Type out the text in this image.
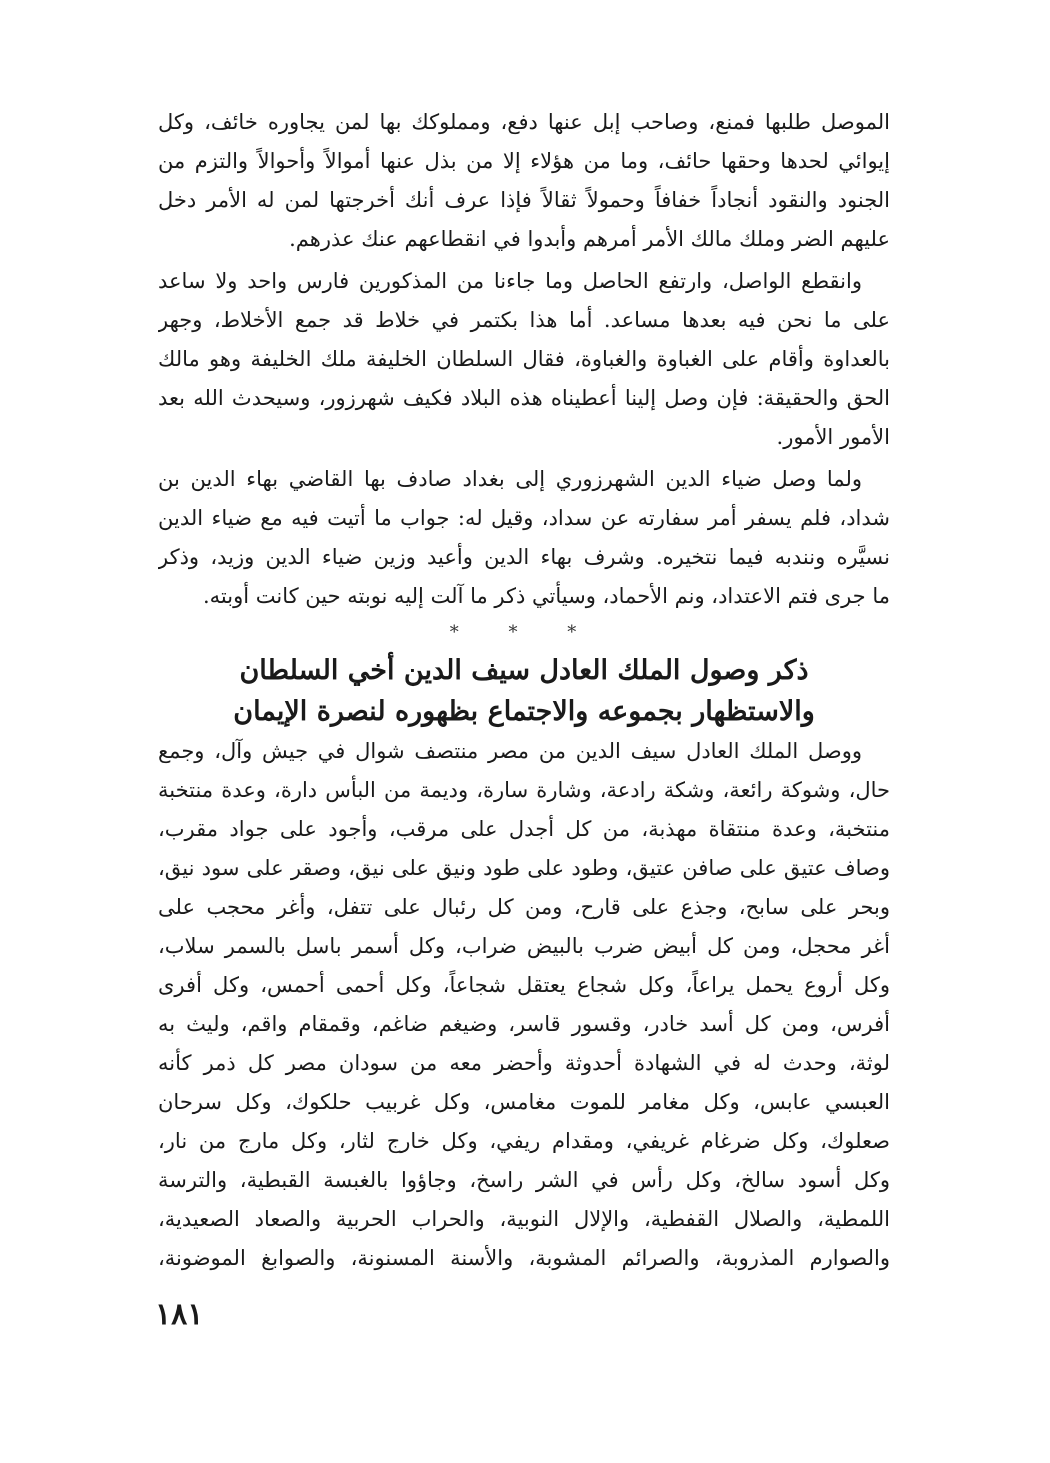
الموصل طلبها فمنع، وصاحب إبل عنها دفع، ومملوكك بها لمن يجاوره خائف، وكل
إيوائي لحدها وحقها حائف، وما من هؤلاء إلا من بذل عنها أموالاً وأحوالاً والتزم من
الجنود والنقود أنجاداً خفافاً وحمولاً ثقالاً فإذا عرف أنك أخرجتها لمن له الأمر دخل
عليهم الضر وملك مالك الأمر أمرهم وأبدوا في انقطاعهم عنك عذرهم.
وانقطع الواصل، وارتفع الحاصل وما جاءنا من المذكورين فارس واحد ولا ساعد
على ما نحن فيه بعدها مساعد. أما هذا بكتمر في خلاط قد جمع الأخلاط، وجهر
بالعداوة وأقام على الغباوة والغباوة، فقال السلطان الخليفة ملك الخليفة وهو مالك
الحق والحقيقة: فإن وصل إلينا أعطيناه هذه البلاد فكيف شهرزور، وسيحدث الله بعد
الأمور الأمور.
ولما وصل ضياء الدين الشهرزوري إلى بغداد صادف بها القاضي بهاء الدين بن
شداد، فلم يسفر أمر سفارته عن سداد، وقيل له: جواب ما أتيت فيه مع ضياء الدين
نسيَّره ونندبه فيما نتخيره. وشرف بهاء الدين وأعيد وزين ضياء الدين وزيد، وذكر
ما جرى فتم الاعتداد، ونم الأحماد، وسيأتي ذكر ما آلت إليه نوبته حين كانت أوبته.
* * *
ذكر وصول الملك العادل سيف الدين أخي السلطان
والاستظهار بجموعه والاجتماع بظهوره لنصرة الإيمان
ووصل الملك العادل سيف الدين من مصر منتصف شوال في جيش وآل، وجمع
حال، وشوكة رائعة، وشكة رادعة، وشارة سارة، وديمة من البأس دارة، وعدة منتخبة
منتخبة، وعدة منتقاة مهذبة، من كل أجدل على مرقب، وأجود على جواد مقرب،
وصاف عتيق على صافن عتيق، وطود على طود ونيق على نيق، وصقر على سود نيق،
وبحر على سابح، وجذع على قارح، ومن كل رئبال على تتفل، وأغر محجب على
أغر محجل، ومن كل أبيض ضرب بالبيض ضراب، وكل أسمر باسل بالسمر سلاب،
وكل أروع يحمل يراعاً، وكل شجاع يعتقل شجاعاً، وكل أحمى أحمس، وكل أفرى
أفرس، ومن كل أسد خادر، وقسور قاسر، وضيغم ضاغم، وقمقام واقم، وليث به
لوثة، وحدث له في الشهادة أحدوثة وأحضر معه من سودان مصر كل ذمر كأنه
العبسي عابس، وكل مغامر للموت مغامس، وكل غربيب حلكوك، وكل سرحان
صعلوك، وكل ضرغام غريفي، ومقدام ريفي، وكل خارج لثار، وكل مارج من نار،
وكل أسود سالخ، وكل رأس في الشر راسخ، وجاؤوا بالغبسة القبطية، والترسة
اللمطية، والصلال القفطية، والإلال النوبية، والحراب الحربية والصعاد الصعيدية،
والصوارم المذروبة، والصرائم المشوبة، والأسنة المسنونة، والصوابغ الموضونة،
١٨١
